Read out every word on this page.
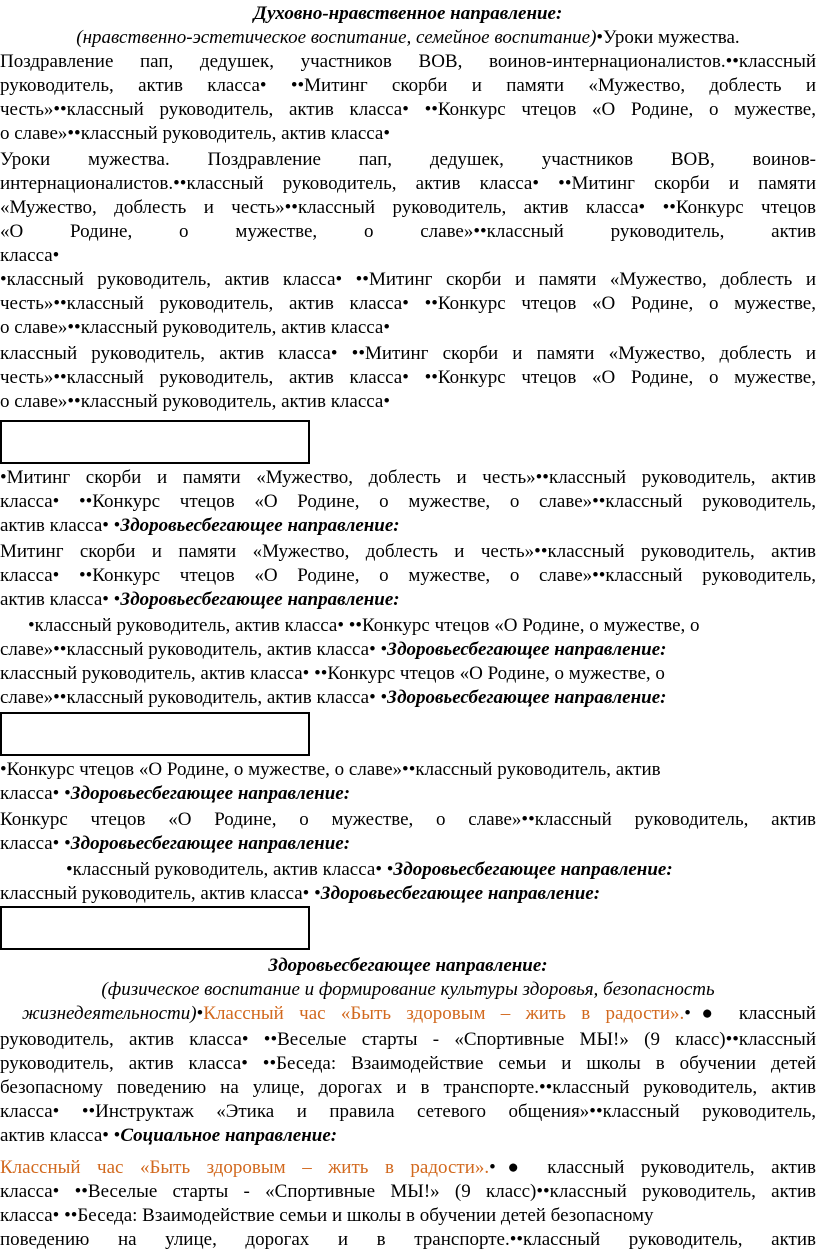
Духовно-нравственное направление:
(нравственно-эстетическое воспитание, семейное воспитание)•Уроки мужества.
Поздравление пап, дедушек, участников ВОВ, воинов-интернационалистов.••классный
руководитель, актив класса• ••Митинг скорби и памяти «Мужество, доблесть и
честь»••классный руководитель, актив класса• ••Конкурс чтецов «О Родине, о мужестве,
о славе»••классный руководитель, актив класса•
Уроки мужества. Поздравление пап, дедушек, участников ВОВ, воинов-
интернационалистов.••классный руководитель, актив класса• ••Митинг скорби и памяти
«Мужество, доблесть и честь»••классный руководитель, актив класса• ••Конкурс чтецов
«О Родине, о мужестве, о славе»••классный руководитель, актив
класса•
•классный руководитель, актив класса• ••Митинг скорби и памяти «Мужество, доблесть и
честь»••классный руководитель, актив класса• ••Конкурс чтецов «О Родине, о мужестве,
о славе»••классный руководитель, актив класса•
классный руководитель, актив класса• ••Митинг скорби и памяти «Мужество, доблесть и
честь»••классный руководитель, актив класса• ••Конкурс чтецов «О Родине, о мужестве,
о славе»••классный руководитель, актив класса•
•Митинг скорби и памяти «Мужество, доблесть и честь»••классный руководитель, актив
класса• ••Конкурс чтецов «О Родине, о мужестве, о славе»••классный руководитель,
актив класса• •Здоровьесбегающее направление:
Митинг скорби и памяти «Мужество, доблесть и честь»••классный руководитель, актив
класса• ••Конкурс чтецов «О Родине, о мужестве, о славе»••классный руководитель,
актив класса• •Здоровьесбегающее направление:
•классный руководитель, актив класса• ••Конкурс чтецов «О Родине, о мужестве, о
славе»••классный руководитель, актив класса• •Здоровьесбегающее направление:
классный руководитель, актив класса• ••Конкурс чтецов «О Родине, о мужестве, о
славе»••классный руководитель, актив класса• •Здоровьесбегающее направление:
•Конкурс чтецов «О Родине, о мужестве, о славе»••классный руководитель, актив
класса• •Здоровьесбегающее направление:
Конкурс чтецов «О Родине, о мужестве, о славе»••классный руководитель, актив
класса• •Здоровьесбегающее направление:
•классный руководитель, актив класса• •Здоровьесбегающее направление:
классный руководитель, актив класса• •Здоровьесбегающее направление:
Здоровьесбегающее направление:
(физическое воспитание и формирование культуры здоровья, безопасность
жизнедеятельности)•Классный час «Быть здоровым – жить в радости».•● классный
руководитель, актив класса• ••Веселые старты - «Спортивные МЫ!» (9 класс)••классный
руководитель, актив класса• ••Беседа: Взаимодействие семьи и школы в обучении детей
безопасному поведению на улице, дорогах и в транспорте.••классный руководитель, актив
класса• ••Инструктаж «Этика и правила сетевого общения»••классный руководитель,
актив класса• •Социальное направление:
Классный час «Быть здоровым – жить в радости».•● классный руководитель, актив
класса• ••Веселые старты - «Спортивные МЫ!» (9 класс)••классный руководитель, актив
класса• ••Беседа: Взаимодействие семьи и школы в обучении детей безопасному
поведению на улице, дорогах и в транспорте.••классный руководитель, актив
